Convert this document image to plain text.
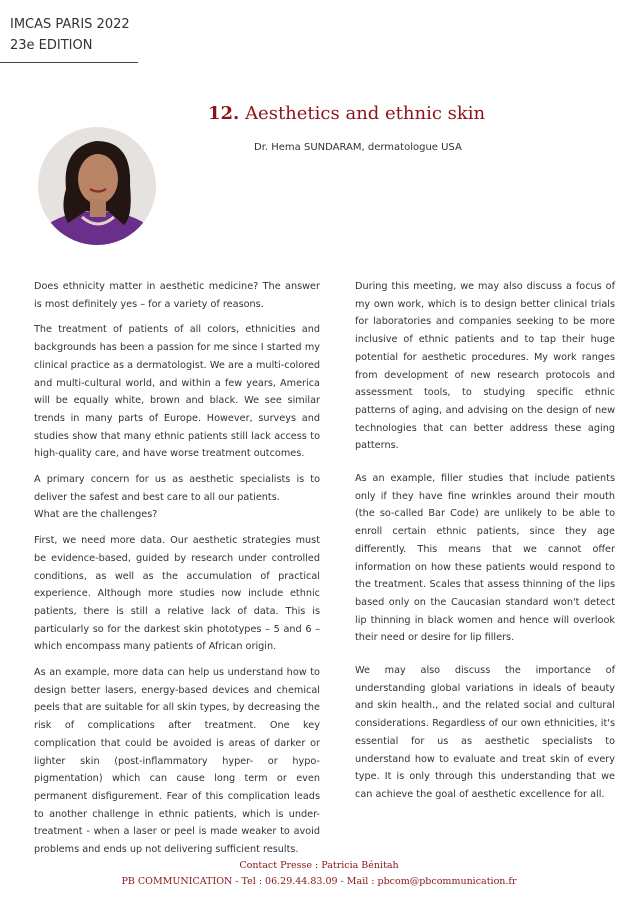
IMCAS PARIS 2022
23e EDITION
12. Aesthetics and ethnic skin
Dr. Hema SUNDARAM, dermatologue USA

Does ethnicity matter in aesthetic medicine? The answer is most definitely yes – for a variety of reasons.

The treatment of patients of all colors, ethnicities and backgrounds has been a passion for me since I started my clinical practice as a dermatologist. We are a multi-colored and multi-cultural world, and within a few years, America will be equally white, brown and black. We see similar trends in many parts of Europe. However, surveys and studies show that many ethnic patients still lack access to high-quality care, and have worse treatment outcomes.

A primary concern for us as aesthetic specialists is to deliver the safest and best care to all our patients.

What are the challenges?

First, we need more data. Our aesthetic strategies must be evidence-based, guided by research under controlled conditions, as well as the accumulation of practical experience. Although more studies now include ethnic patients, there is still a relative lack of data. This is particularly so for the darkest skin phototypes – 5 and 6 – which encompass many patients of African origin.

As an example, more data can help us understand how to design better lasers, energy-based devices and chemical peels that are suitable for all skin types, by decreasing the risk of complications after treatment. One key complication that could be avoided is areas of darker or lighter skin (post-inflammatory hyper- or hypo-pigmentation) which can cause long term or even permanent disfigurement. Fear of this complication leads to another challenge in ethnic patients, which is under-treatment - when a laser or peel is made weaker to avoid problems and ends up not delivering sufficient results.

During this meeting, we may also discuss a focus of my own work, which is to design better clinical trials for laboratories and companies seeking to be more inclusive of ethnic patients and to tap their huge potential for aesthetic procedures. My work ranges from development of new research protocols and assessment tools, to studying specific ethnic patterns of aging, and advising on the design of new technologies that can better address these aging patterns.

As an example, filler studies that include patients only if they have fine wrinkles around their mouth (the so-called Bar Code) are unlikely to be able to enroll certain ethnic patients, since they age differently. This means that we cannot offer information on how these patients would respond to the treatment. Scales that assess thinning of the lips based only on the Caucasian standard won't detect lip thinning in black women and hence will overlook their need or desire for lip fillers.

We may also discuss the importance of understanding global variations in ideals of beauty and skin health., and the related social and cultural considerations. Regardless of our own ethnicities, it's essential for us as aesthetic specialists to understand how to evaluate and treat skin of every type. It is only through this understanding that we can achieve the goal of aesthetic excellence for all.

Contact Presse : Patricia Bénitah
PB COMMUNICATION - Tel : 06.29.44.83.09 - Mail : pbcom@pbcommunication.fr
